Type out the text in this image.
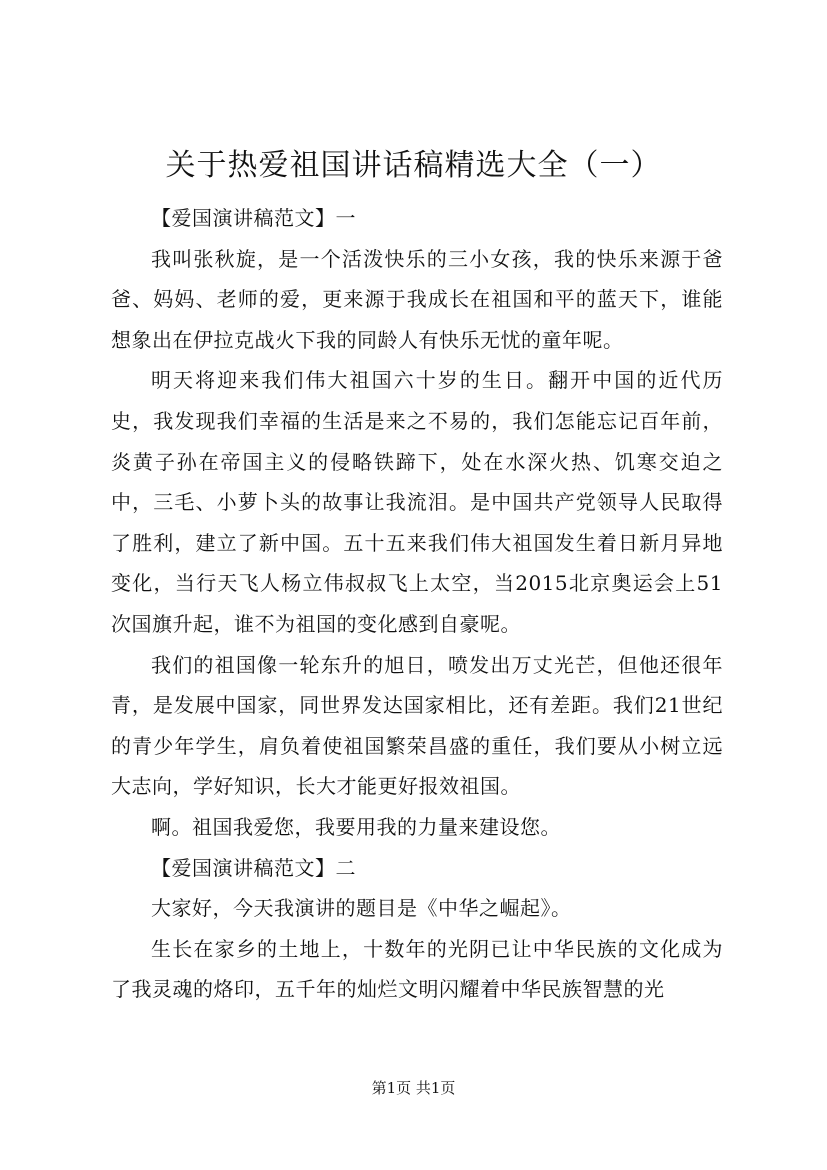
关于热爱祖国讲话稿精选大全（一）

【爱国演讲稿范文】一

我叫张秋旋，是一个活泼快乐的三小女孩，我的快乐来源于爸爸、妈妈、老师的爱，更来源于我成长在祖国和平的蓝天下，谁能想象出在伊拉克战火下我的同龄人有快乐无忧的童年呢。

明天将迎来我们伟大祖国六十岁的生日。翻开中国的近代历史，我发现我们幸福的生活是来之不易的，我们怎能忘记百年前，炎黄子孙在帝国主义的侵略铁蹄下，处在水深火热、饥寒交迫之中，三毛、小萝卜头的故事让我流泪。是中国共产党领导人民取得了胜利，建立了新中国。五十五来我们伟大祖国发生着日新月异地变化，当行天飞人杨立伟叔叔飞上太空，当2015北京奥运会上51次国旗升起，谁不为祖国的变化感到自豪呢。

我们的祖国像一轮东升的旭日，喷发出万丈光芒，但他还很年青，是发展中国家，同世界发达国家相比，还有差距。我们21世纪的青少年学生，肩负着使祖国繁荣昌盛的重任，我们要从小树立远大志向，学好知识，长大才能更好报效祖国。

啊。祖国我爱您，我要用我的力量来建设您。

【爱国演讲稿范文】二

大家好，今天我演讲的题目是《中华之崛起》。

生长在家乡的土地上，十数年的光阴已让中华民族的文化成为了我灵魂的烙印，五千年的灿烂文明闪耀着中华民族智慧的光

第1页 共1页
